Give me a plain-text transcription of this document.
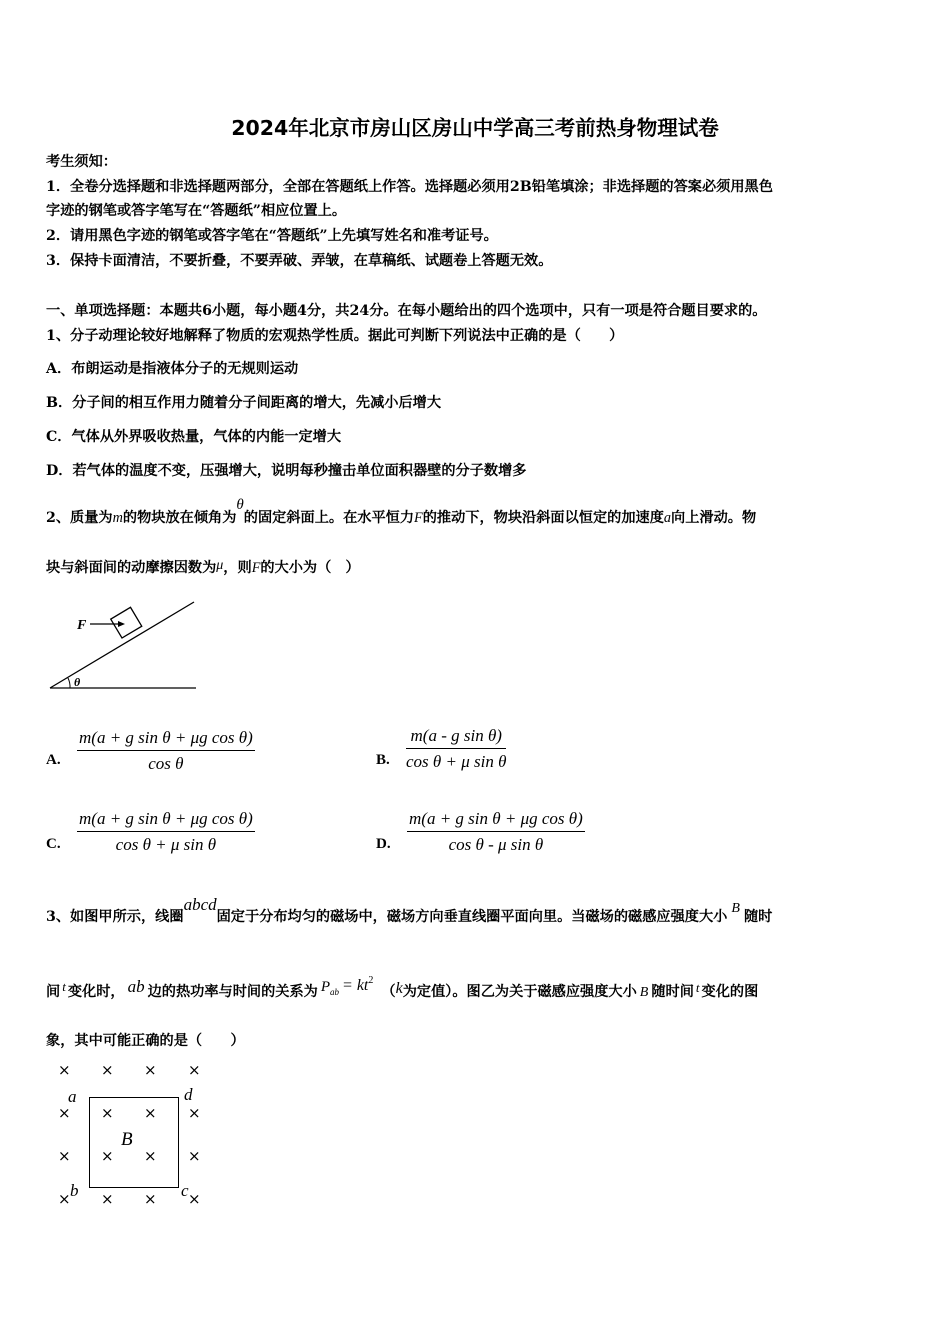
2024年北京市房山区房山中学高三考前热身物理试卷
考生须知：
1．全卷分选择题和非选择题两部分，全部在答题纸上作答。选择题必须用2B铅笔填涂；非选择题的答案必须用黑色
字迹的钢笔或答字笔写在“答题纸”相应位置上。
2．请用黑色字迹的钢笔或答字笔在“答题纸”上先填写姓名和准考证号。
3．保持卡面清洁，不要折叠，不要弄破、弄皱，在草稿纸、试题卷上答题无效。
一、单项选择题：本题共6小题，每小题4分，共24分。在每小题给出的四个选项中，只有一项是符合题目要求的。
1、分子动理论较好地解释了物质的宏观热学性质。据此可判断下列说法中正确的是（　　）
A．布朗运动是指液体分子的无规则运动
B．分子间的相互作用力随着分子间距离的增大，先减小后增大
C．气体从外界吸收热量，气体的内能一定增大
D．若气体的温度不变，压强增大，说明每秒撞击单位面积器壁的分子数增多
2、质量为m的物块放在倾角为θ的固定斜面上。在水平恒力F的推动下，物块沿斜面以恒定的加速度a向上滑动。物
块与斜面间的动摩擦因数为μ，则F的大小为（　）
F
θ
A. $\frac{\text{m(a + g sin θ + μg cos θ)}}{\text{cos θ}}$	B. $\frac{\text{m(a - g sin θ)}}{\text{cos θ + μ sin θ}}$
C. $\frac{\text{m(a + g sin θ + μg cos θ)}}{\text{cos θ + μ sin θ}}$	D. $\frac{\text{m(a + g sin θ + μg cos θ)}}{\text{cos θ - μ sin θ}}$
3、如图甲所示，线圈abcd固定于分布均匀的磁场中，磁场方向垂直线圈平面向里。当磁场的磁感应强度大小B随时
间 t 变化时， ab 边的热功率与时间的关系为 Pab = $kt^2(k$为定值）。图乙为关于磁感应强度大小 B 随时间 t 变化的图
象，其中可能正确的是（　　）
×
×
×
×
×
×
×
×
×
×
×
×
×
×
×
×
a	d
b	c
B
